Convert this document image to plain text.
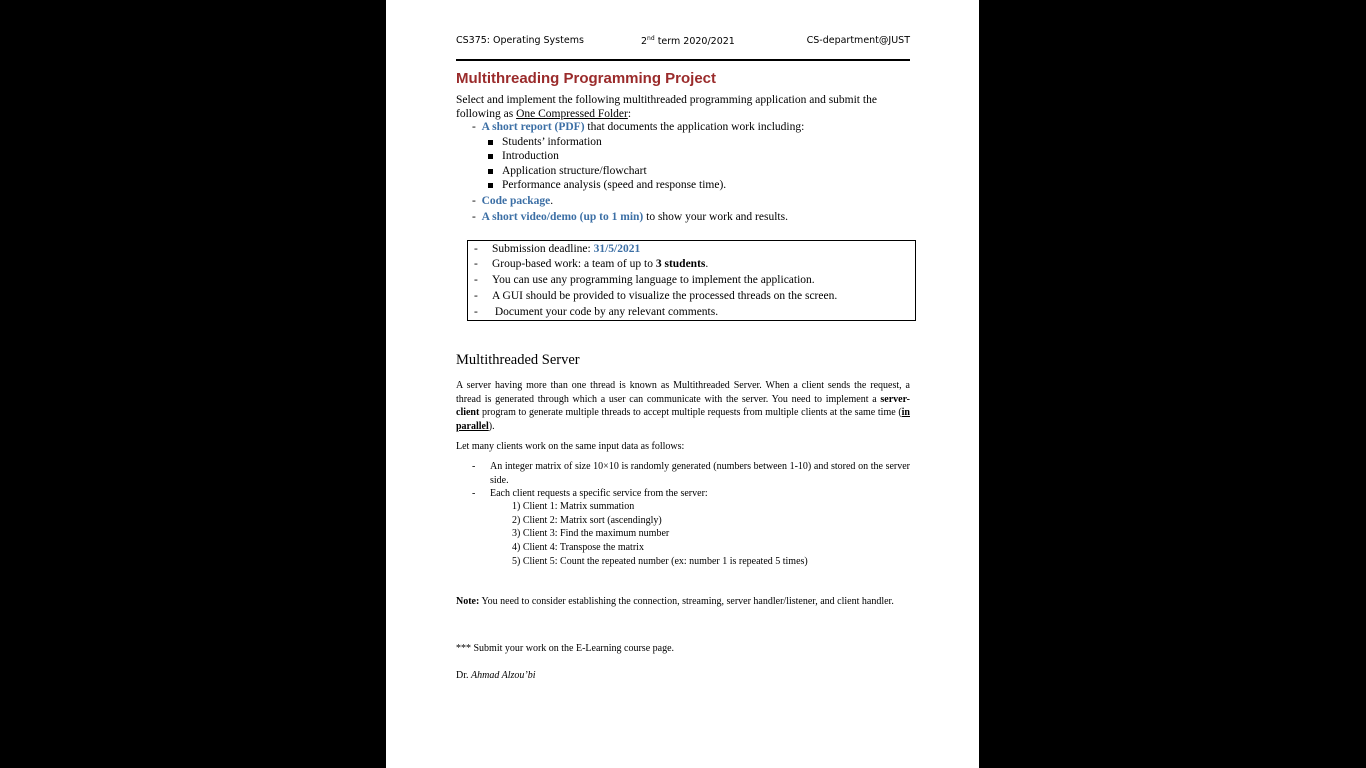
CS375: Operating Systems	2nd term 2020/2021	CS-department@JUST
Multithreading Programming Project
Select and implement the following multithreaded programming application and submit the following as One Compressed Folder:
- A short report (PDF) that documents the application work including:
- Code package.
- A short video/demo (up to 1 min) to show your work and results.
Students’ information
Introduction
Application structure/flowchart
Performance analysis (speed and response time).
- Submission deadline: 31/5/2021
- Group-based work: a team of up to 3 students.
- You can use any programming language to implement the application.
- A GUI should be provided to visualize the processed threads on the screen.
- Document your code by any relevant comments.
Multithreaded Server
A server having more than one thread is known as Multithreaded Server. When a client sends the request, a thread is generated through which a user can communicate with the server. You need to implement a server-client program to generate multiple threads to accept multiple requests from multiple clients at the same time (in parallel).
Let many clients work on the same input data as follows:
- An integer matrix of size 10×10 is randomly generated (numbers between 1-10) and stored on the server side.
- Each client requests a specific service from the server:
1) Client 1: Matrix summation
2) Client 2: Matrix sort (ascendingly)
3) Client 3: Find the maximum number
4) Client 4: Transpose the matrix
5) Client 5: Count the repeated number (ex: number 1 is repeated 5 times)
Note: You need to consider establishing the connection, streaming, server handler/listener, and client handler.
*** Submit your work on the E-Learning course page.
Dr. Ahmad Alzou’bi
